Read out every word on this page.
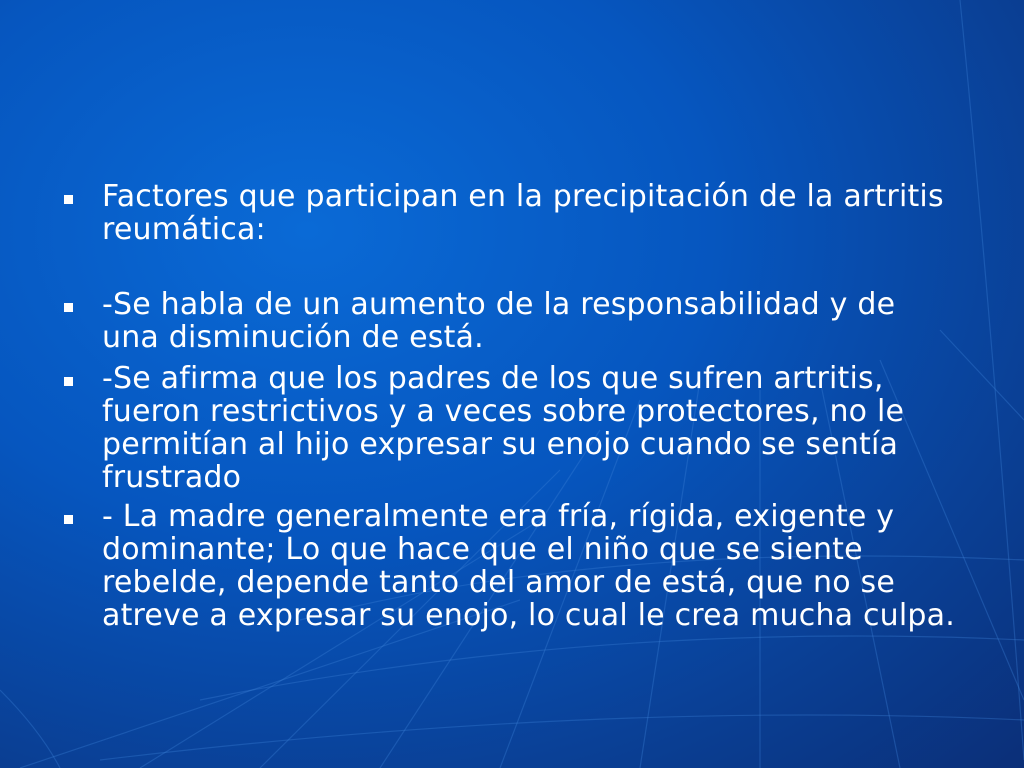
Factores que participan en la precipitación de la artritis reumática:
-Se habla de un aumento de la responsabilidad y de una disminución de está.
-Se afirma que los padres de los que sufren artritis, fueron restrictivos y a veces sobre protectores, no le permitían al hijo expresar su enojo cuando se sentía frustrado
- La madre generalmente era fría, rígida, exigente y dominante; Lo que hace que el niño que se siente rebelde, depende tanto del amor de está, que no se atreve a expresar su enojo, lo cual le crea mucha culpa.
